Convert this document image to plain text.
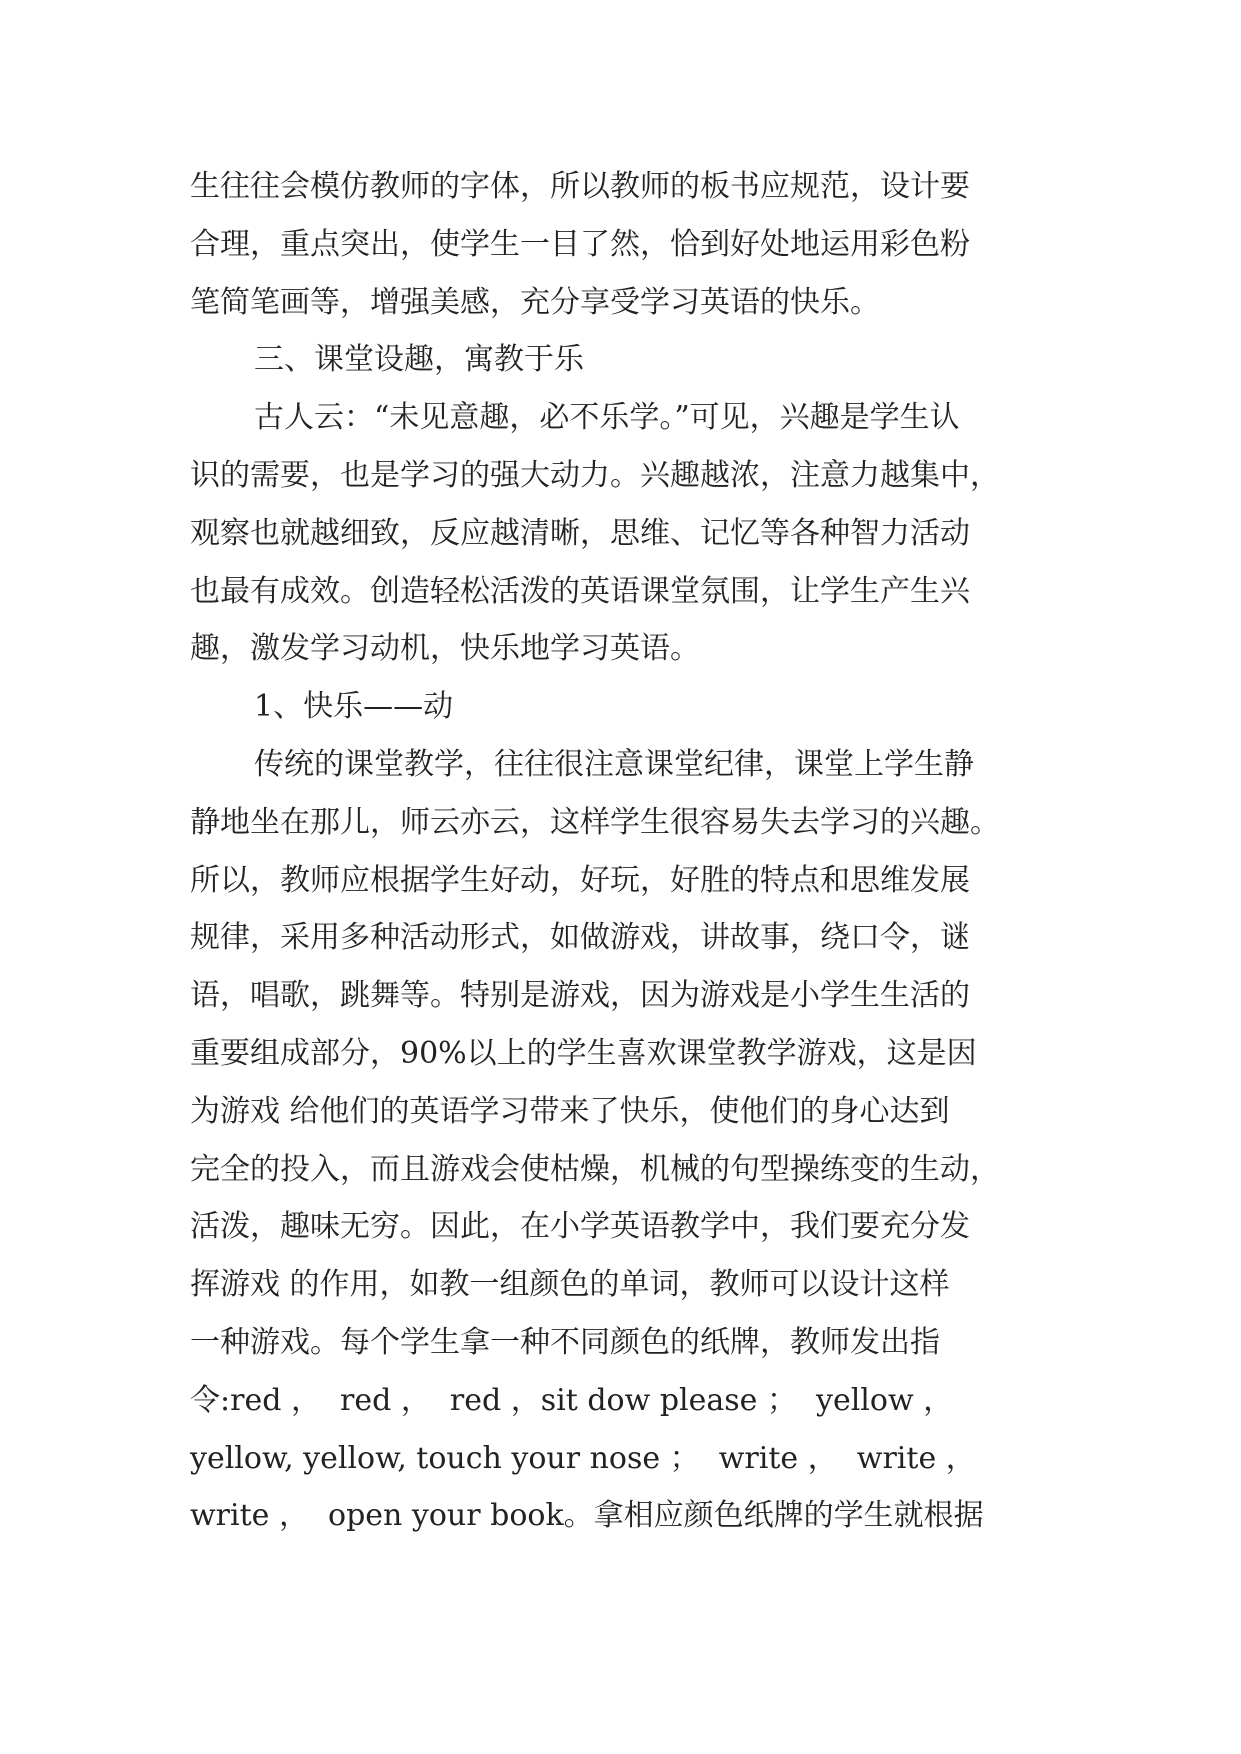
生往往会模仿教师的字体，所以教师的板书应规范，设计要
合理，重点突出，使学生一目了然，恰到好处地运用彩色粉
笔简笔画等，增强美感，充分享受学习英语的快乐。
三、课堂设趣，寓教于乐
古人云：“未见意趣，必不乐学。”可见，兴趣是学生认
识的需要，也是学习的强大动力。兴趣越浓，注意力越集中，
观察也就越细致，反应越清晰，思维、记忆等各种智力活动
也最有成效。创造轻松活泼的英语课堂氛围，让学生产生兴
趣，激发学习动机，快乐地学习英语。
1、快乐——动
传统的课堂教学，往往很注意课堂纪律，课堂上学生静
静地坐在那儿，师云亦云，这样学生很容易失去学习的兴趣。
所以，教师应根据学生好动，好玩，好胜的特点和思维发展
规律，采用多种活动形式，如做游戏，讲故事，绕口令，谜
语，唱歌，跳舞等。特别是游戏，因为游戏是小学生生活的
重要组成部分，90%以上的学生喜欢课堂教学游戏，这是因
为游戏 给他们的英语学习带来了快乐，使他们的身心达到
完全的投入，而且游戏会使枯燥，机械的句型操练变的生动，
活泼，趣味无穷。因此，在小学英语教学中，我们要充分发
挥游戏 的作用，如教一组颜色的单词，教师可以设计这样
一种游戏。每个学生拿一种不同颜色的纸牌，教师发出指
令:red ，  red ，  red ，sit dow please ；  yellow ，
yellow, yellow, touch your nose ；  write ，  write ，
write ，  open your book。拿相应颜色纸牌的学生就根据
